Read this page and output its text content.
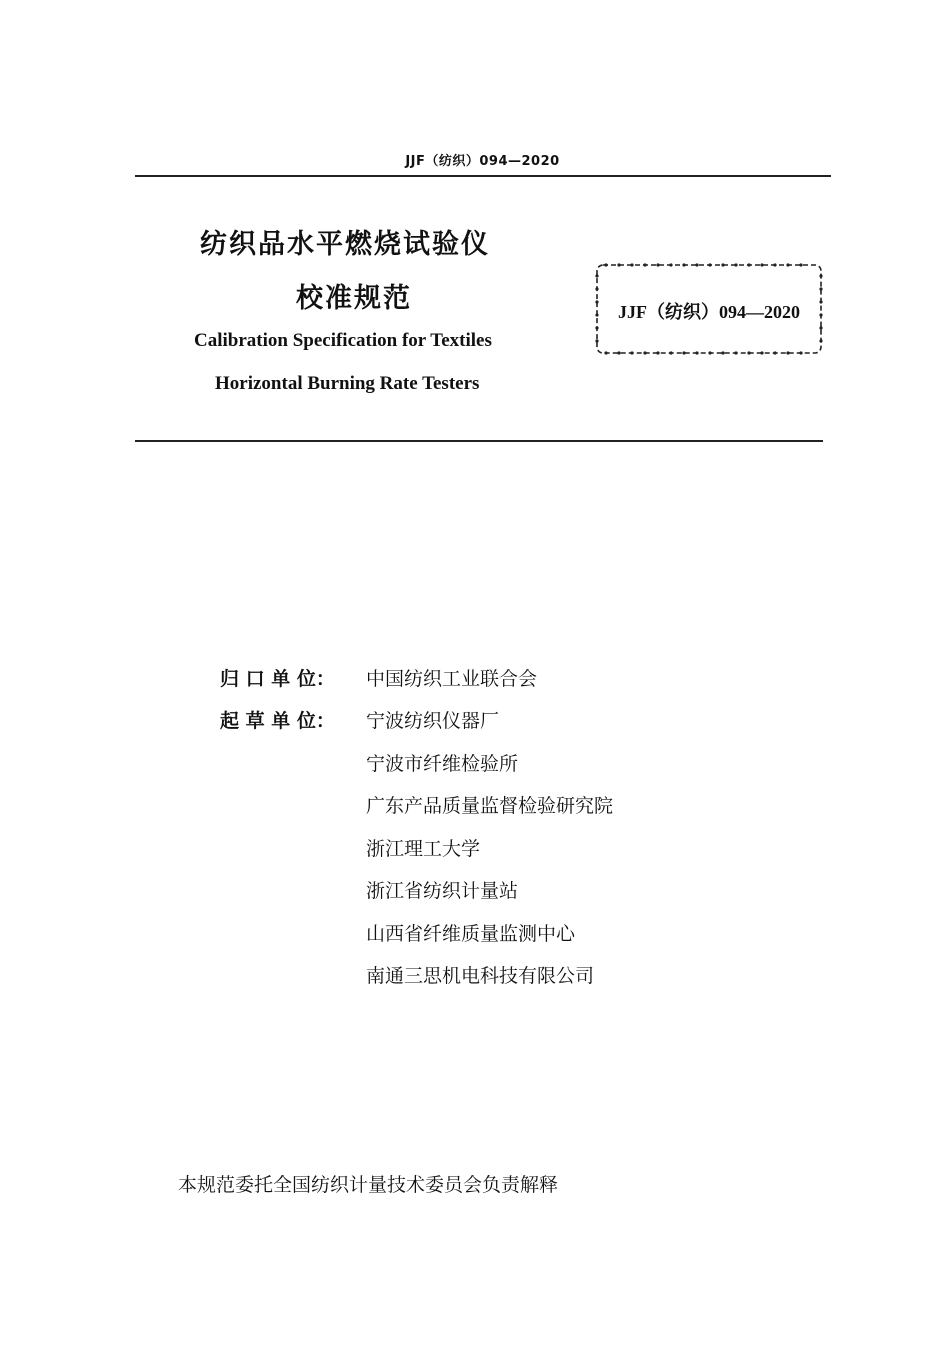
JJF（纺织）094—2020
纺织品水平燃烧试验仪
校准规范
Calibration Specification for Textiles
Horizontal Burning Rate Testers
JJF（纺织）094—2020
归 口 单 位： 中国纺织工业联合会
起 草 单 位： 宁波纺织仪器厂
宁波市纤维检验所
广东产品质量监督检验研究院
浙江理工大学
浙江省纺织计量站
山西省纤维质量监测中心
南通三思机电科技有限公司
本规范委托全国纺织计量技术委员会负责解释
